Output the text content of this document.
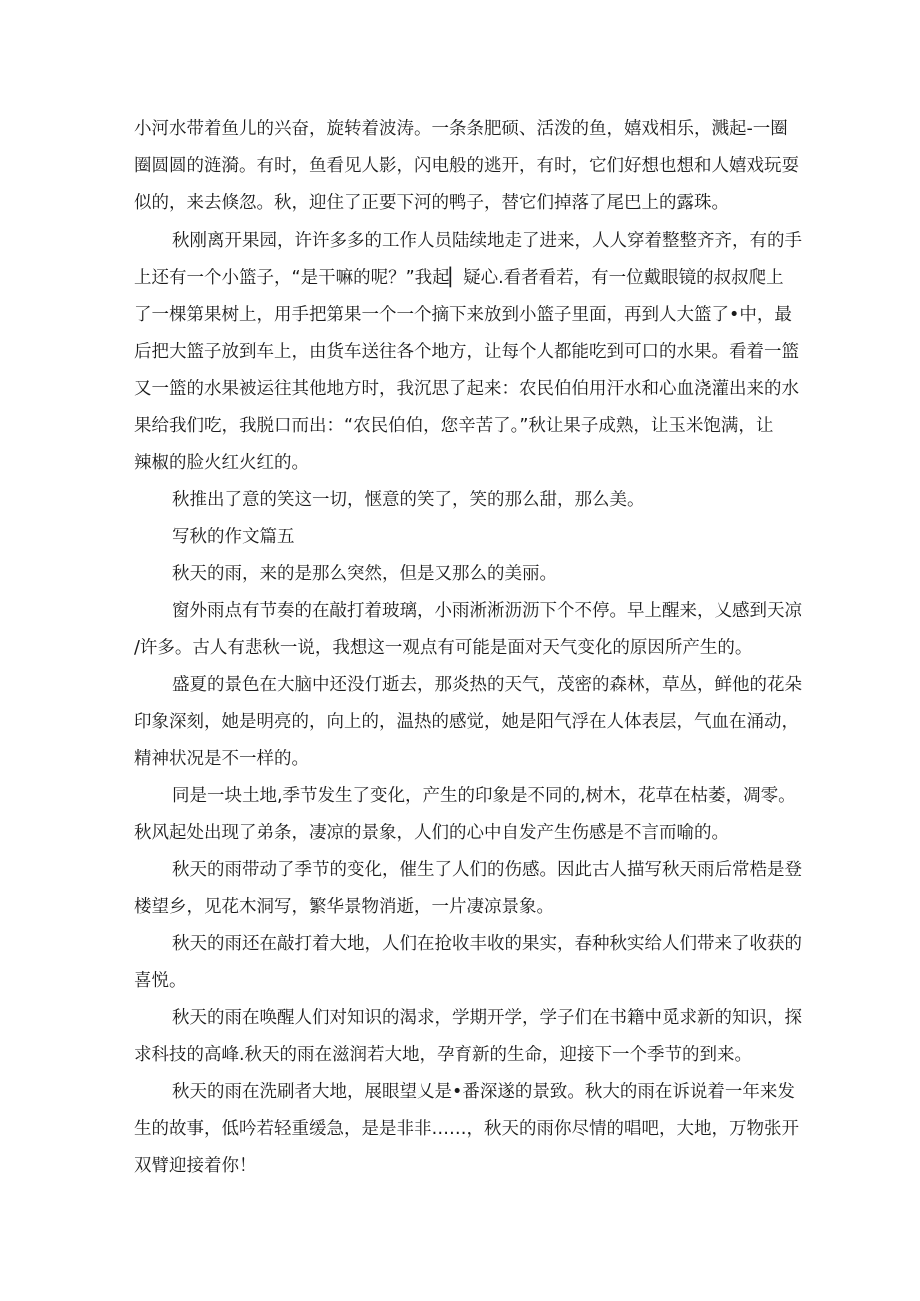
小河水带着鱼儿的兴奋，旋转着波涛。一条条肥硕、活泼的鱼，嬉戏相乐，溅起-一圈
圈圆圆的涟漪。有时，鱼看见人影，闪电般的逃开，有时，它们好想也想和人嬉戏玩耍
似的，来去倏忽。秋，迎住了正要下河的鸭子，替它们掉落了尾巴上的露珠。
秋刚离开果园，许许多多的工作人员陆续地走了进来，人人穿着整整齐齐，有的手
上还有一个小篮子，“是干嘛的呢？”我起▏疑心.看者看若，有一位戴眼镜的叔叔爬上
了一棵第果树上，用手把第果一个一个摘下来放到小篮子里面，再到人大篮了•中，最
后把大篮子放到车上，由货车送往各个地方，让每个人都能吃到可口的水果。看着一篮
又一篮的水果被运往其他地方时，我沉思了起来：农民伯伯用汗水和心血浇灌出来的水
果给我们吃，我脱口而出：“农民伯伯，您辛苦了。”秋让果子成熟，让玉米饱满，让
辣椒的脸火红火红的。
秋推出了意的笑这一切，惬意的笑了，笑的那么甜，那么美。
写秋的作文篇五
秋天的雨，来的是那么突然，但是又那么的美丽。
窗外雨点有节奏的在敲打着玻璃，小雨淅淅沥沥下个不停。早上醒来，乂感到天凉
/许多。古人有悲秋一说，我想这一观点有可能是面对天气变化的原因所产生的。
盛夏的景色在大脑中还没仃逝去，那炎热的天气，茂密的森林，草丛，鲜他的花朵
印象深刻，她是明亮的，向上的，温热的感觉，她是阳气浮在人体表层，气血在涌动，
精神状况是不一样的。
同是一块土地,季节发生了变化，产生的印象是不同的,树木，花草在枯萎，凋零。
秋风起处出现了弟条，凄凉的景象，人们的心中自发产生伤感是不言而喻的。
秋天的雨带动了季节的变化，催生了人们的伤感。因此古人描写秋天雨后常梏是登
楼望乡，见花木洞写，繁华景物消逝，一片凄凉景象。
秋天的雨还在敲打着大地，人们在抢收丰收的果实，春种秋实给人们带来了收获的
喜悦。
秋天的雨在唤醒人们对知识的渴求，学期开学，学子们在书籍中觅求新的知识，探
求科技的高峰.秋天的雨在滋润若大地，孕育新的生命，迎接下一个季节的到来。
秋天的雨在洗刷者大地，展眼望乂是•番深遂的景致。秋大的雨在诉说着一年来发
生的故事，低吟若轻重缓急，是是非非……，秋天的雨你尽情的唱吧，大地，万物张开
双臂迎接着你！
